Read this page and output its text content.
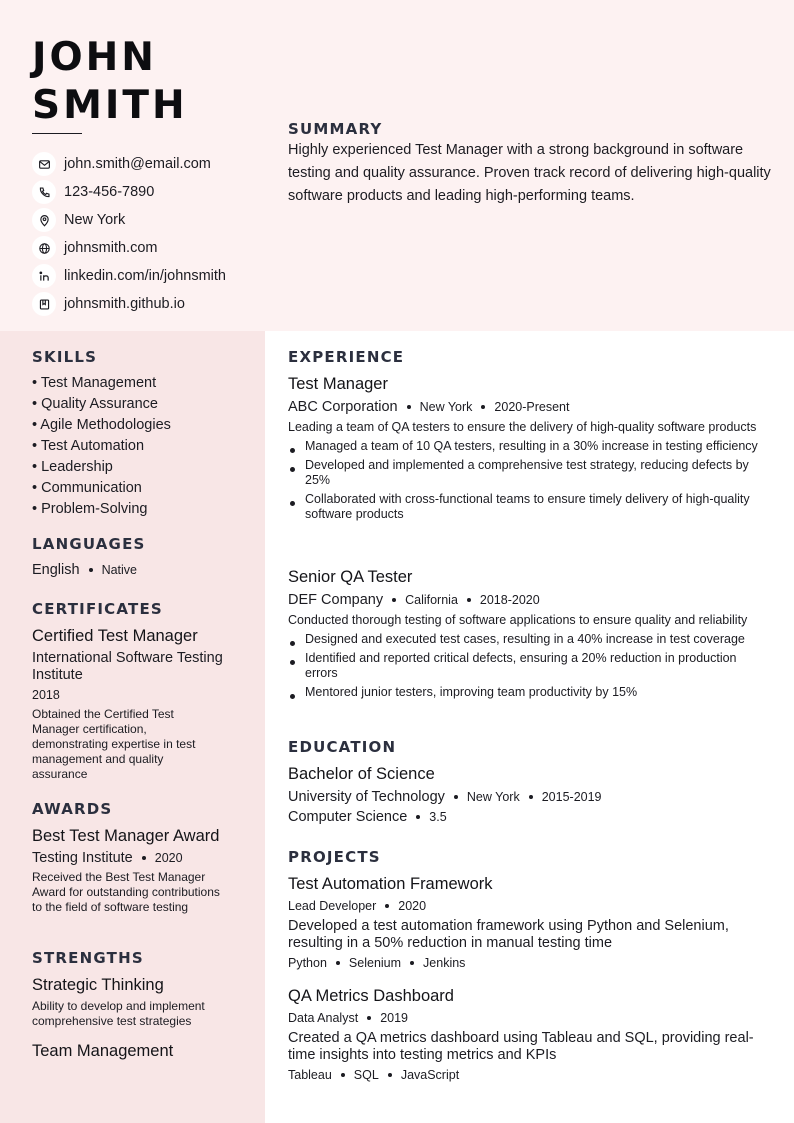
JOHN SMITH
john.smith@email.com
123-456-7890
New York
johnsmith.com
linkedin.com/in/johnsmith
johnsmith.github.io
SKILLS
• Test Management
• Quality Assurance
• Agile Methodologies
• Test Automation
• Leadership
• Communication
• Problem-Solving
LANGUAGES
English Native
CERTIFICATES
Certified Test Manager
International Software Testing Institute
2018
Obtained the Certified Test Manager certification, demonstrating expertise in test management and quality assurance
AWARDS
Best Test Manager Award
Testing Institute 2020
Received the Best Test Manager Award for outstanding contributions to the field of software testing
STRENGTHS
Strategic Thinking
Ability to develop and implement comprehensive test strategies
Team Management
SUMMARY
Highly experienced Test Manager with a strong background in software testing and quality assurance. Proven track record of delivering high-quality software products and leading high-performing teams.
EXPERIENCE
Test Manager
ABC Corporation New York 2020-Present
Leading a team of QA testers to ensure the delivery of high-quality software products
Managed a team of 10 QA testers, resulting in a 30% increase in testing efficiency
Developed and implemented a comprehensive test strategy, reducing defects by 25%
Collaborated with cross-functional teams to ensure timely delivery of high-quality software products
Senior QA Tester
DEF Company California 2018-2020
Conducted thorough testing of software applications to ensure quality and reliability
Designed and executed test cases, resulting in a 40% increase in test coverage
Identified and reported critical defects, ensuring a 20% reduction in production errors
Mentored junior testers, improving team productivity by 15%
EDUCATION
Bachelor of Science
University of Technology New York 2015-2019
Computer Science 3.5
PROJECTS
Test Automation Framework
Lead Developer 2020
Developed a test automation framework using Python and Selenium, resulting in a 50% reduction in manual testing time
Python Selenium Jenkins
QA Metrics Dashboard
Data Analyst 2019
Created a QA metrics dashboard using Tableau and SQL, providing real-time insights into testing metrics and KPIs
Tableau SQL JavaScript
